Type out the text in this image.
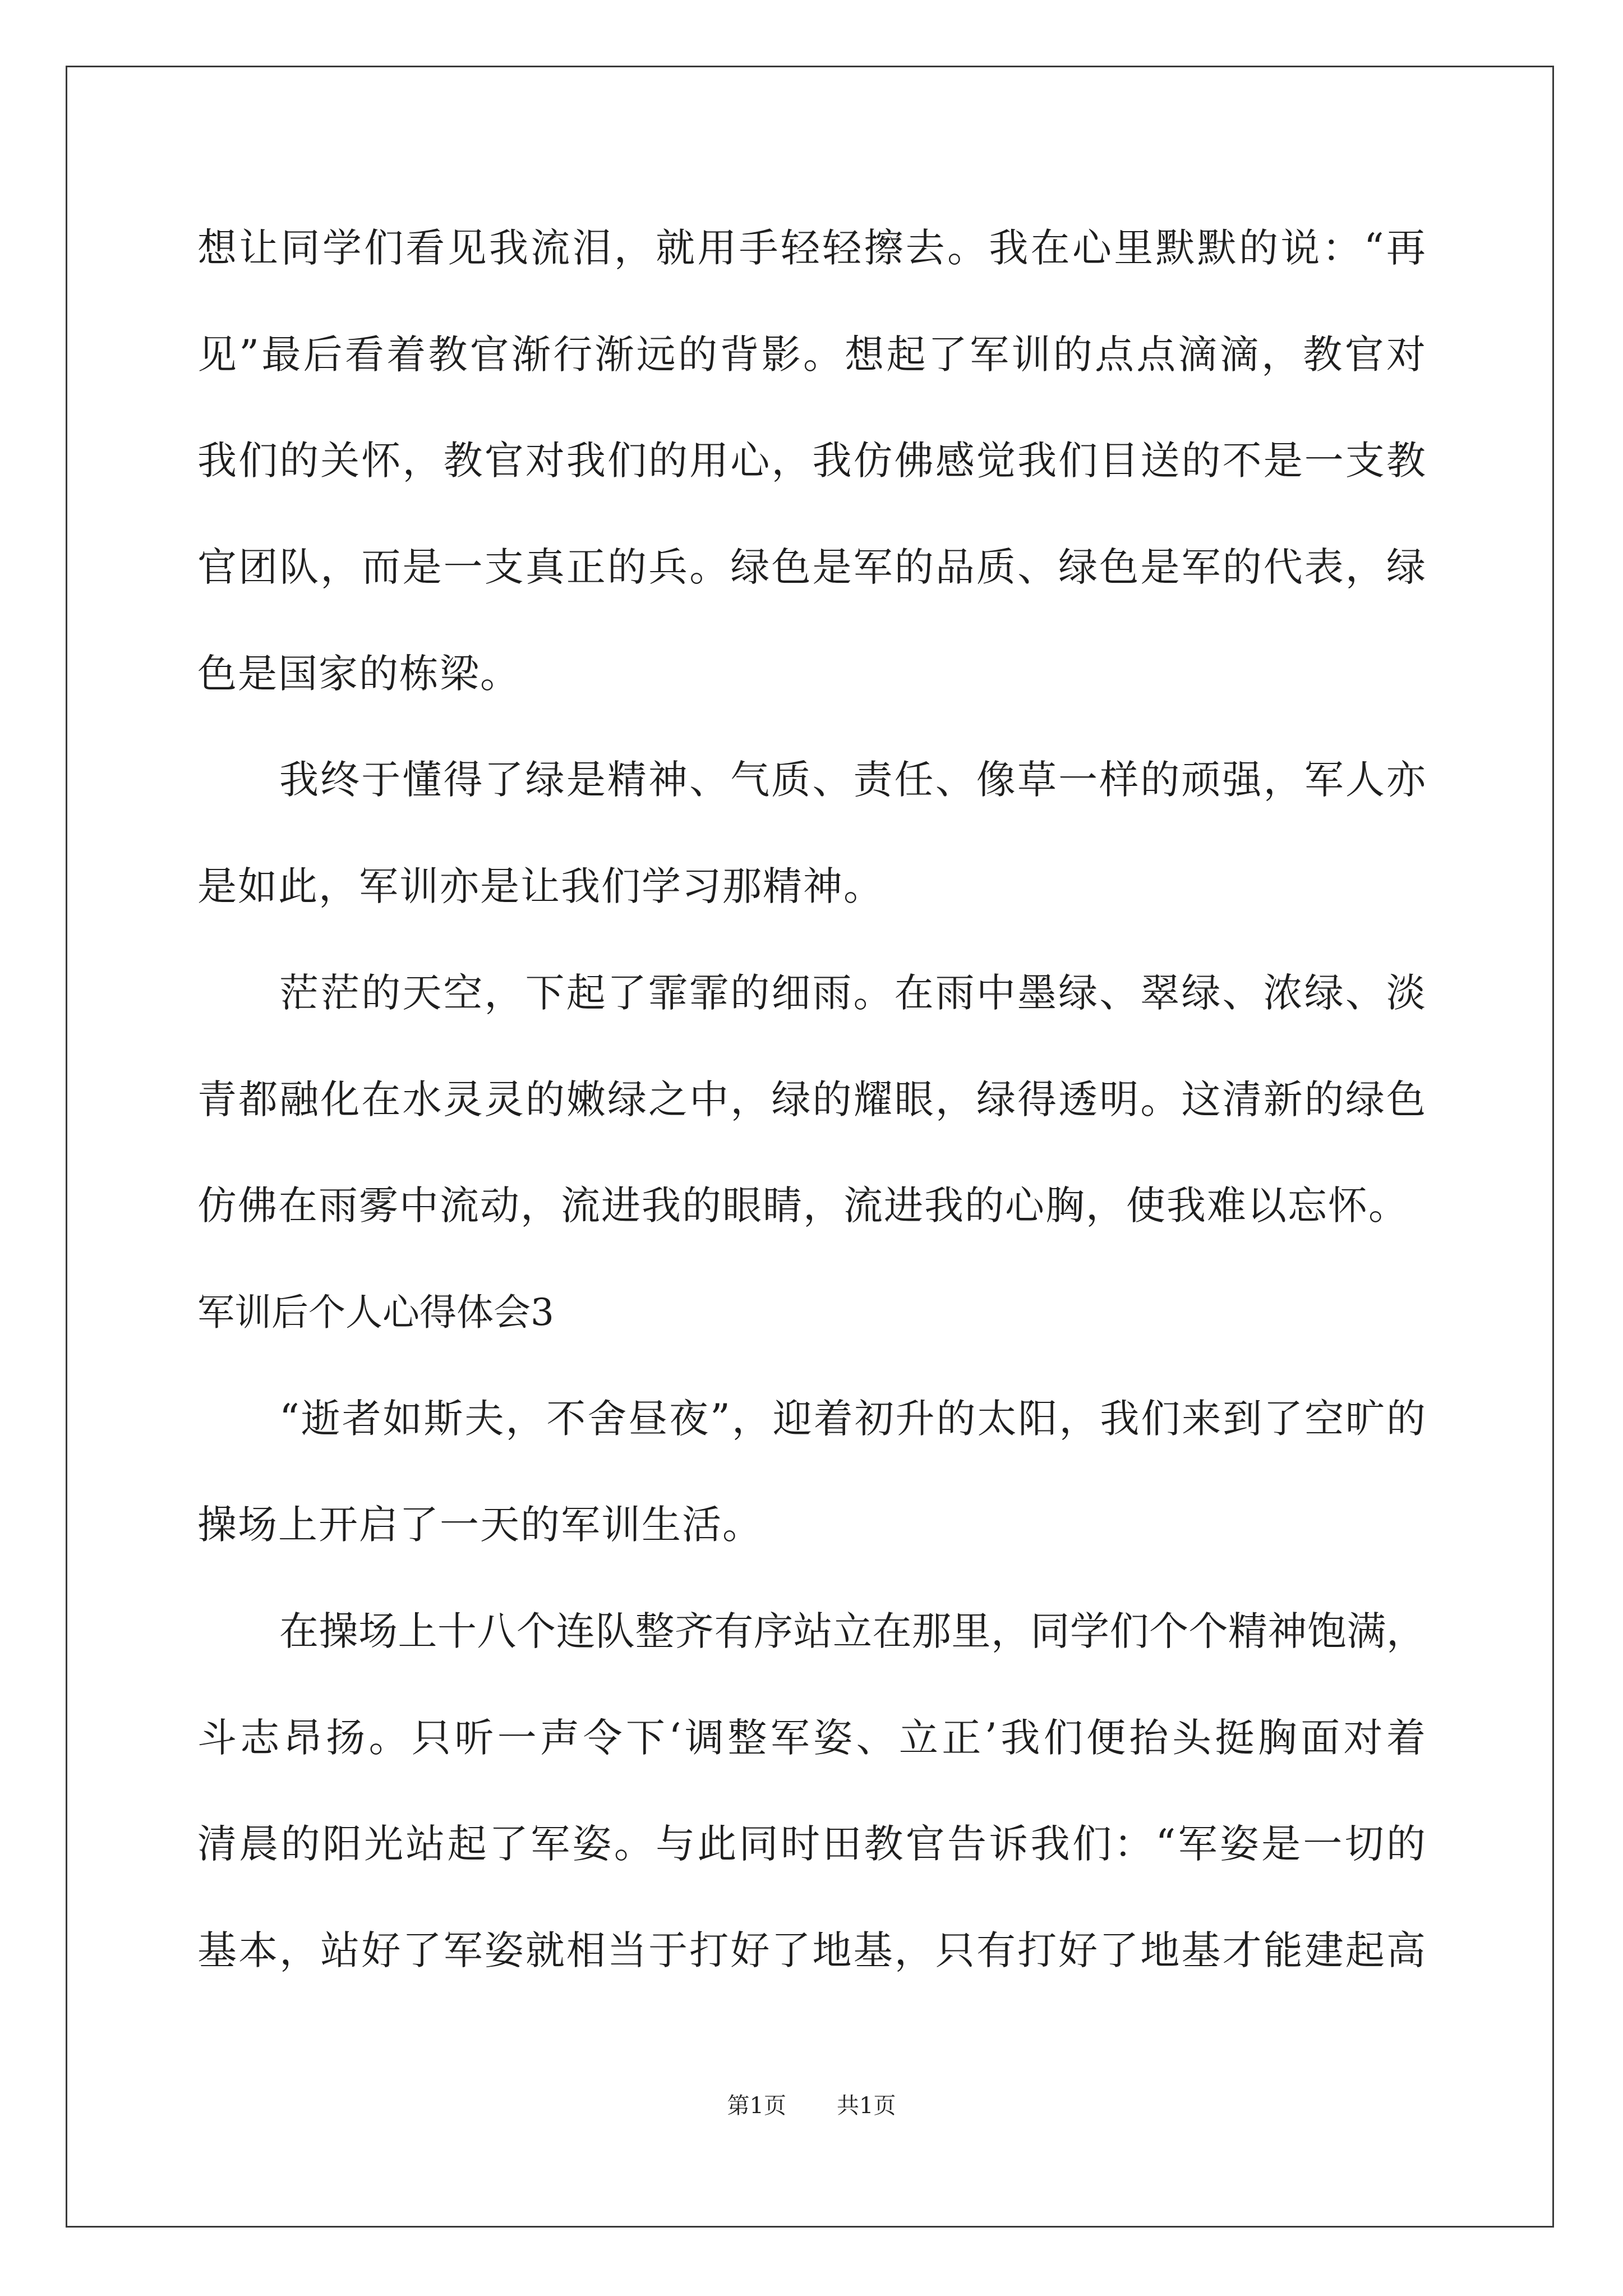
想让同学们看见我流泪，就用手轻轻擦去。我在心里默默的说：“再
见”最后看着教官渐行渐远的背影。想起了军训的点点滴滴，教官对
我们的关怀，教官对我们的用心，我仿佛感觉我们目送的不是一支教
官团队，而是一支真正的兵。绿色是军的品质、绿色是军的代表，绿
色是国家的栋梁。
我终于懂得了绿是精神、气质、责任、像草一样的顽强，军人亦
是如此，军训亦是让我们学习那精神。
茫茫的天空，下起了霏霏的细雨。在雨中墨绿、翠绿、浓绿、淡
青都融化在水灵灵的嫩绿之中，绿的耀眼，绿得透明。这清新的绿色
仿佛在雨雾中流动，流进我的眼睛，流进我的心胸，使我难以忘怀。
军训后个人心得体会3
“逝者如斯夫，不舍昼夜”，迎着初升的太阳，我们来到了空旷的
操场上开启了一天的军训生活。
在操场上十八个连队整齐有序站立在那里，同学们个个精神饱满，
斗志昂扬。只听一声令下‘调整军姿、立正’我们便抬头挺胸面对着
清晨的阳光站起了军姿。与此同时田教官告诉我们：“军姿是一切的
基本，站好了军姿就相当于打好了地基，只有打好了地基才能建起高
第1页 共1页
